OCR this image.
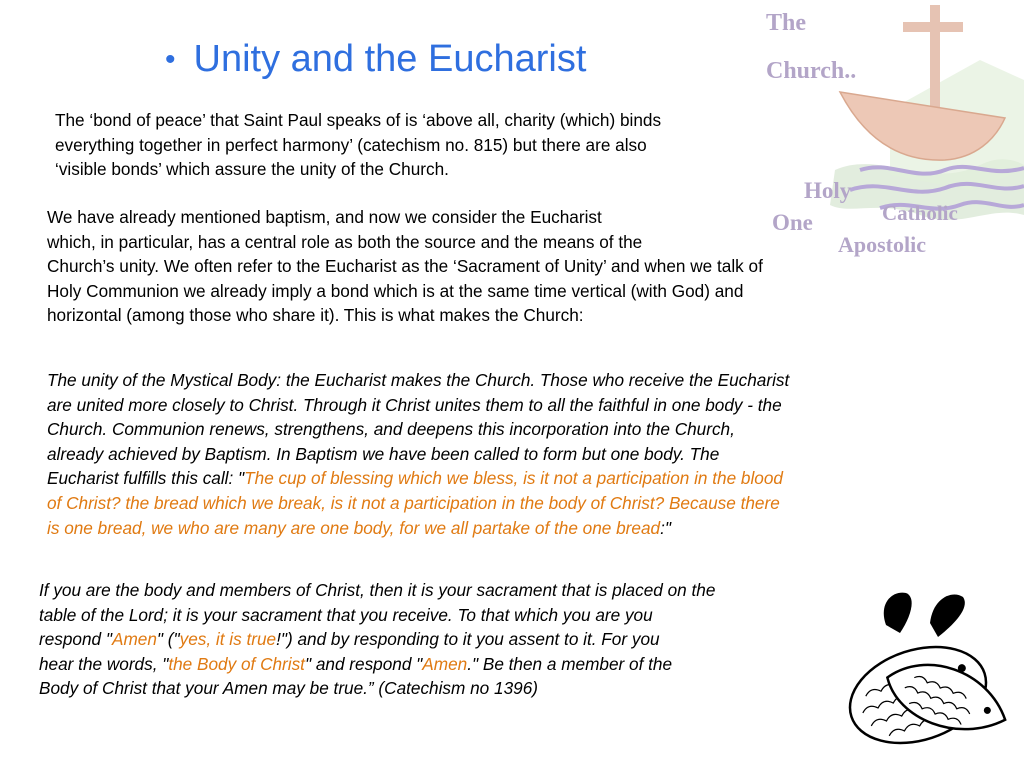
• Unity and the Eucharist
The
Church..
Holy
One	Catholic
Apostolic
The ‘bond of peace’ that Saint Paul speaks of is ‘above all, charity (which) binds
everything together in perfect harmony’ (catechism no. 815) but there are also
‘visible bonds’ which assure the unity of the Church.
We have already mentioned baptism, and now we consider the Eucharist
which, in particular, has a central role as both the source and the means of the
Church’s unity. We often refer to the Eucharist as the ‘Sacrament of Unity’ and when we talk of
Holy Communion we already imply a bond which is at the same time vertical (with God) and
horizontal (among those who share it). This is what makes the Church:
The unity of the Mystical Body: the Eucharist makes the Church. Those who receive the Eucharist
are united more closely to Christ. Through it Christ unites them to all the faithful in one body - the
Church. Communion renews, strengthens, and deepens this incorporation into the Church,
already achieved by Baptism. In Baptism we have been called to form but one body. The
Eucharist fulfills this call: "The cup of blessing which we bless, is it not a participation in the blood
of Christ? the bread which we break, is it not a participation in the body of Christ? Because there
is one bread, we who are many are one body, for we all partake of the one bread:"
If you are the body and members of Christ, then it is your sacrament that is placed on the
table of the Lord; it is your sacrament that you receive. To that which you are you
respond "Amen" ("yes, it is true!") and by responding to it you assent to it. For you
hear the words, "the Body of Christ" and respond "Amen." Be then a member of the
Body of Christ that your Amen may be true.” (Catechism no 1396)
